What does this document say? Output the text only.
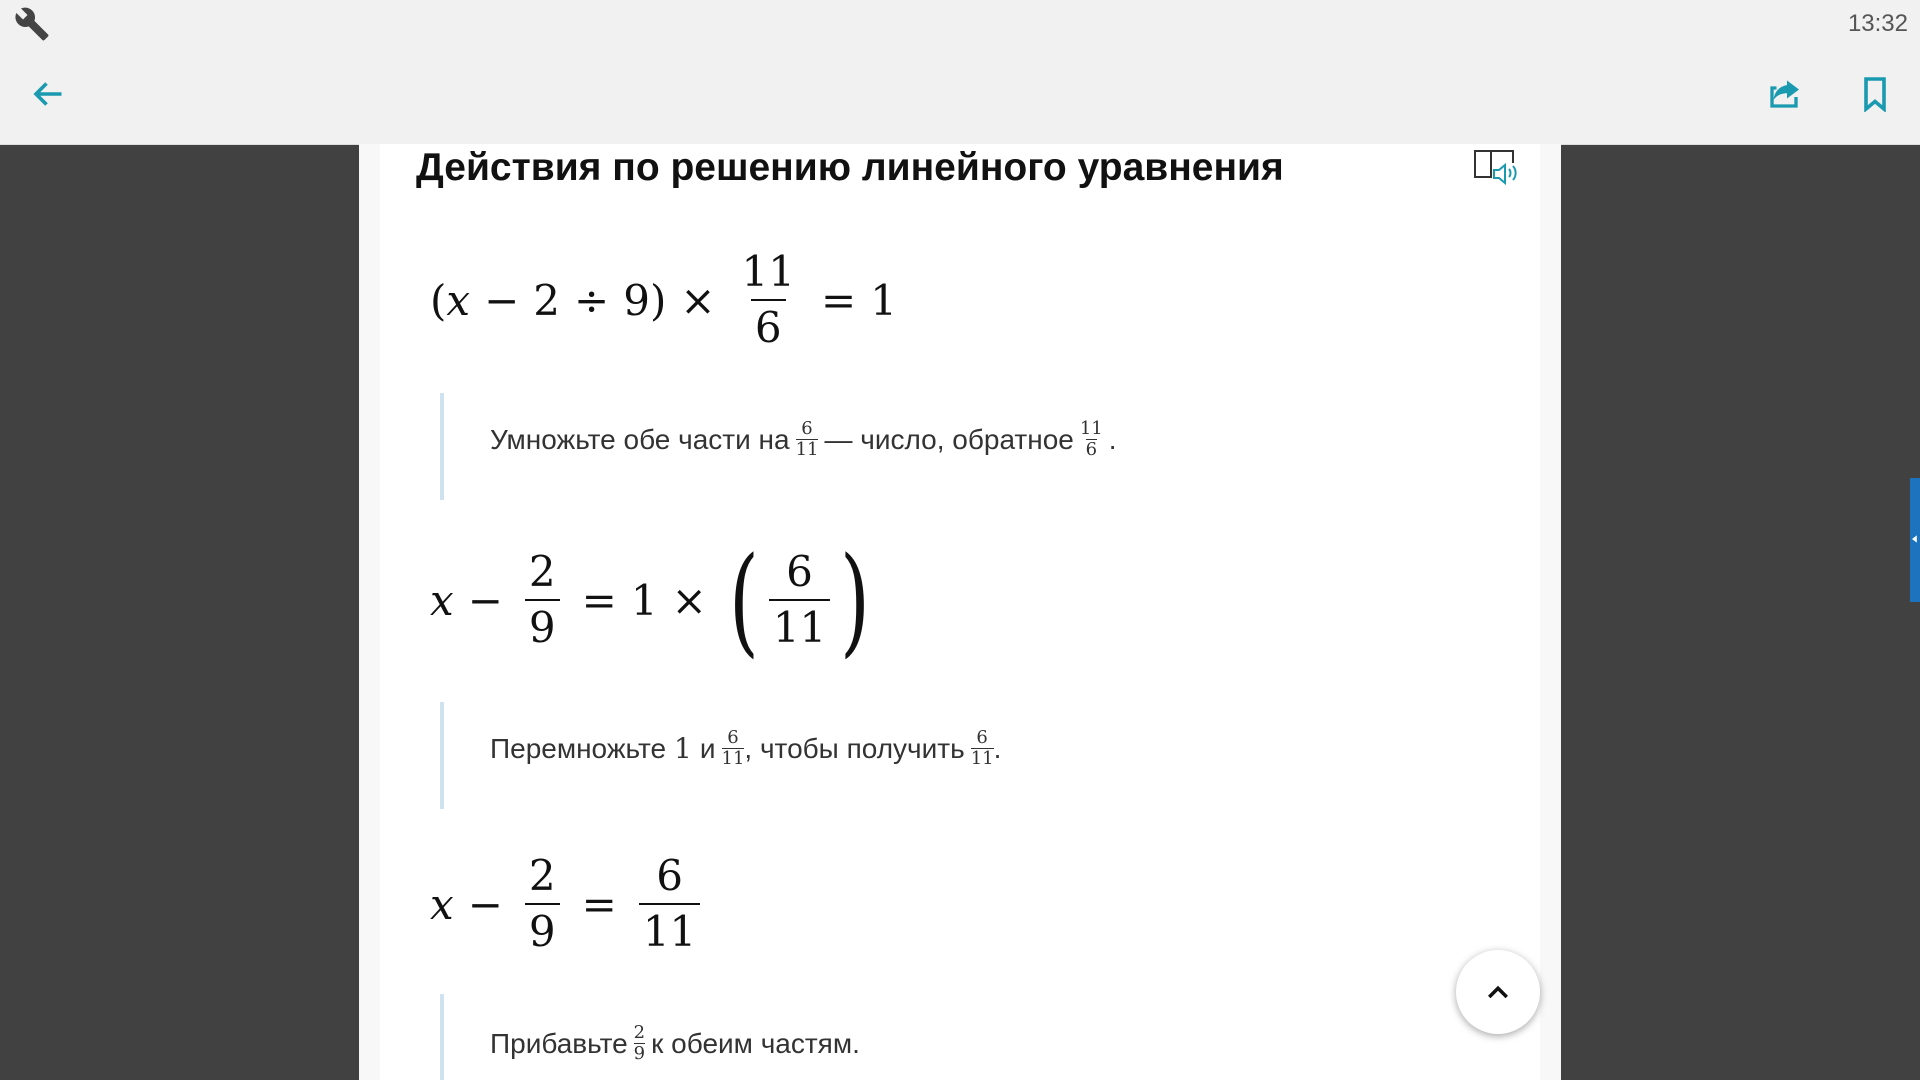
13:32
Действия по решению линейного уравнения
( x − 2 ÷ 9 ) × $\frac{11}{6} = 1$
Умножьте обе части на $\frac{6}{11}$ — число, обратное $\frac{11}{6}$ .
$x - \frac{2}{9} = 1$ × ( $\frac{6}{11}$ )
Перемножьте 1 и $\frac{6}{11}$ , чтобы получить $\frac{6}{11}$ .
$x - \frac{2}{9} = \frac{6}{11}$
Прибавьте $\frac{2}{9}$ к обеим частям.
